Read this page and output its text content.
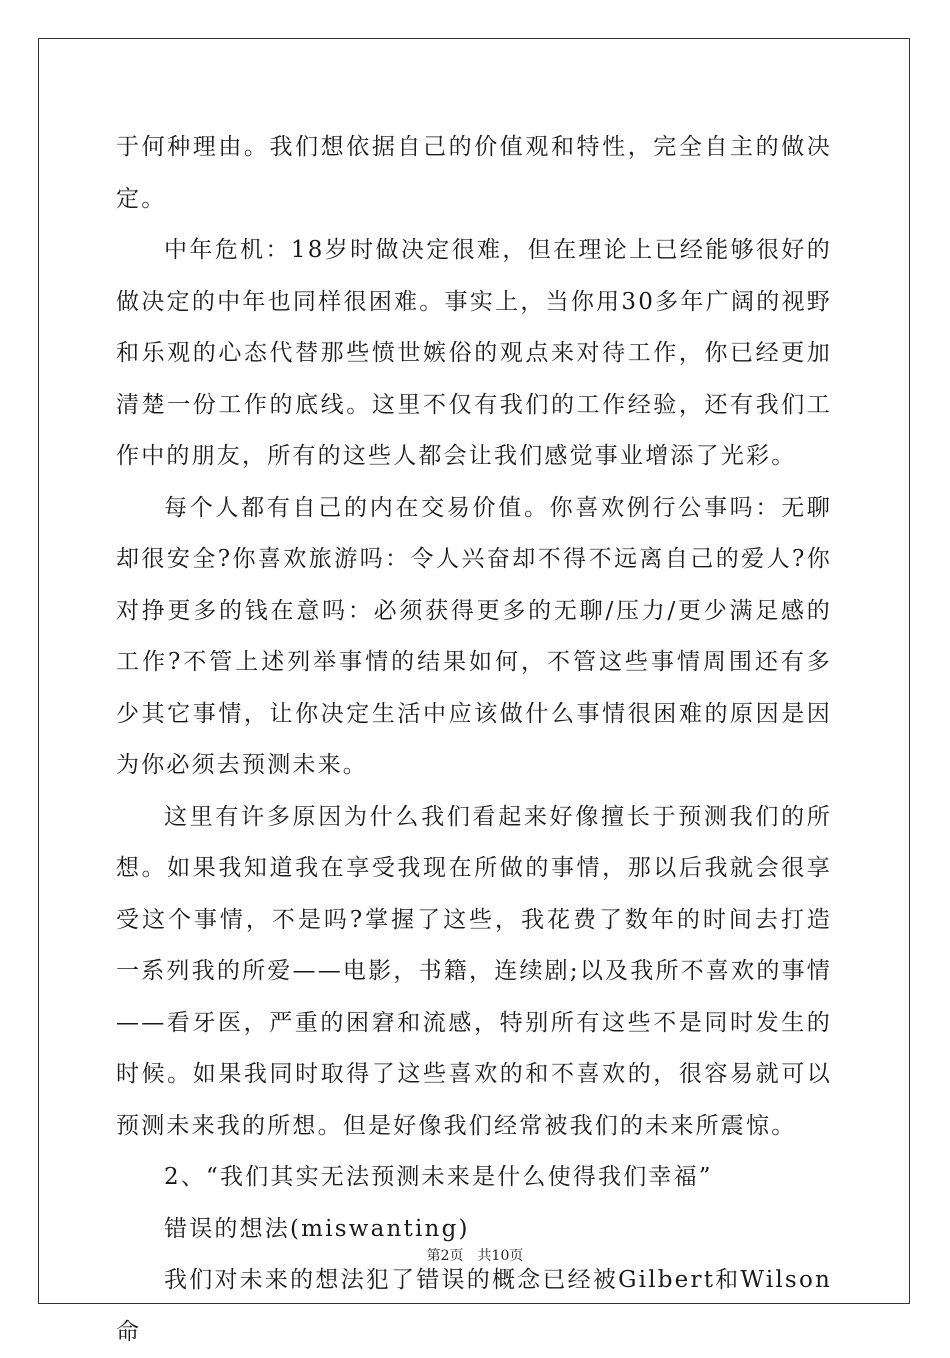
于何种理由。我们想依据自己的价值观和特性，完全自主的做决定。

中年危机：18岁时做决定很难，但在理论上已经能够很好的做决定的中年也同样很困难。事实上，当你用30多年广阔的视野和乐观的心态代替那些愤世嫉俗的观点来对待工作，你已经更加清楚一份工作的底线。这里不仅有我们的工作经验，还有我们工作中的朋友，所有的这些人都会让我们感觉事业增添了光彩。

每个人都有自己的内在交易价值。你喜欢例行公事吗：无聊却很安全?你喜欢旅游吗：令人兴奋却不得不远离自己的爱人?你对挣更多的钱在意吗：必须获得更多的无聊/压力/更少满足感的工作?不管上述列举事情的结果如何，不管这些事情周围还有多少其它事情，让你决定生活中应该做什么事情很困难的原因是因为你必须去预测未来。

这里有许多原因为什么我们看起来好像擅长于预测我们的所想。如果我知道我在享受我现在所做的事情，那以后我就会很享受这个事情，不是吗?掌握了这些，我花费了数年的时间去打造一系列我的所爱——电影，书籍，连续剧;以及我所不喜欢的事情——看牙医，严重的困窘和流感，特别所有这些不是同时发生的时候。如果我同时取得了这些喜欢的和不喜欢的，很容易就可以预测未来我的所想。但是好像我们经常被我们的未来所震惊。

2、“我们其实无法预测未来是什么使得我们幸福”

错误的想法(miswanting)

我们对未来的想法犯了错误的概念已经被Gilbert和Wilson命

第2页　共10页
